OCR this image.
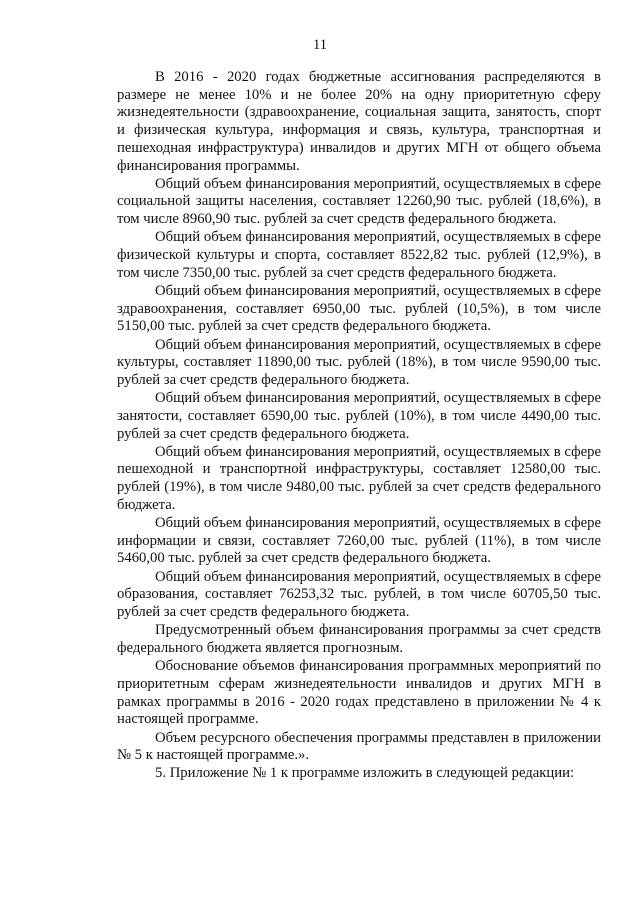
11

В 2016 - 2020 годах бюджетные ассигнования распределяются в размере не менее 10% и не более 20% на одну приоритетную сферу жизнедеятельности (здравоохранение, социальная защита, занятость, спорт и физическая культура, информация и связь, культура, транспортная и пешеходная инфраструктура) инвалидов и других МГН от общего объема финансирования программы.

Общий объем финансирования мероприятий, осуществляемых в сфере социальной защиты населения, составляет 12260,90 тыс. рублей (18,6%), в том числе 8960,90 тыс. рублей за счет средств федерального бюджета.

Общий объем финансирования мероприятий, осуществляемых в сфере физической культуры и спорта, составляет 8522,82 тыс. рублей (12,9%), в том числе 7350,00 тыс. рублей за счет средств федерального бюджета.

Общий объем финансирования мероприятий, осуществляемых в сфере здравоохранения, составляет 6950,00 тыс. рублей (10,5%), в том числе 5150,00 тыс. рублей за счет средств федерального бюджета.

Общий объем финансирования мероприятий, осуществляемых в сфере культуры, составляет 11890,00 тыс. рублей (18%), в том числе 9590,00 тыс. рублей за счет средств федерального бюджета.

Общий объем финансирования мероприятий, осуществляемых в сфере занятости, составляет 6590,00 тыс. рублей (10%), в том числе 4490,00 тыс. рублей за счет средств федерального бюджета.

Общий объем финансирования мероприятий, осуществляемых в сфере пешеходной и транспортной инфраструктуры, составляет 12580,00 тыс. рублей (19%), в том числе 9480,00 тыс. рублей за счет средств федерального бюджета.

Общий объем финансирования мероприятий, осуществляемых в сфере информации и связи, составляет 7260,00 тыс. рублей (11%), в том числе 5460,00 тыс. рублей за счет средств федерального бюджета.

Общий объем финансирования мероприятий, осуществляемых в сфере образования, составляет 76253,32 тыс. рублей, в том числе 60705,50 тыс. рублей за счет средств федерального бюджета.

Предусмотренный объем финансирования программы за счет средств федерального бюджета является прогнозным.

Обоснование объемов финансирования программных мероприятий по приоритетным сферам жизнедеятельности инвалидов и других МГН в рамках программы в 2016 - 2020 годах представлено в приложении № 4 к настоящей программе.

Объем ресурсного обеспечения программы представлен в приложении № 5 к настоящей программе.».

5. Приложение № 1 к программе изложить в следующей редакции:
